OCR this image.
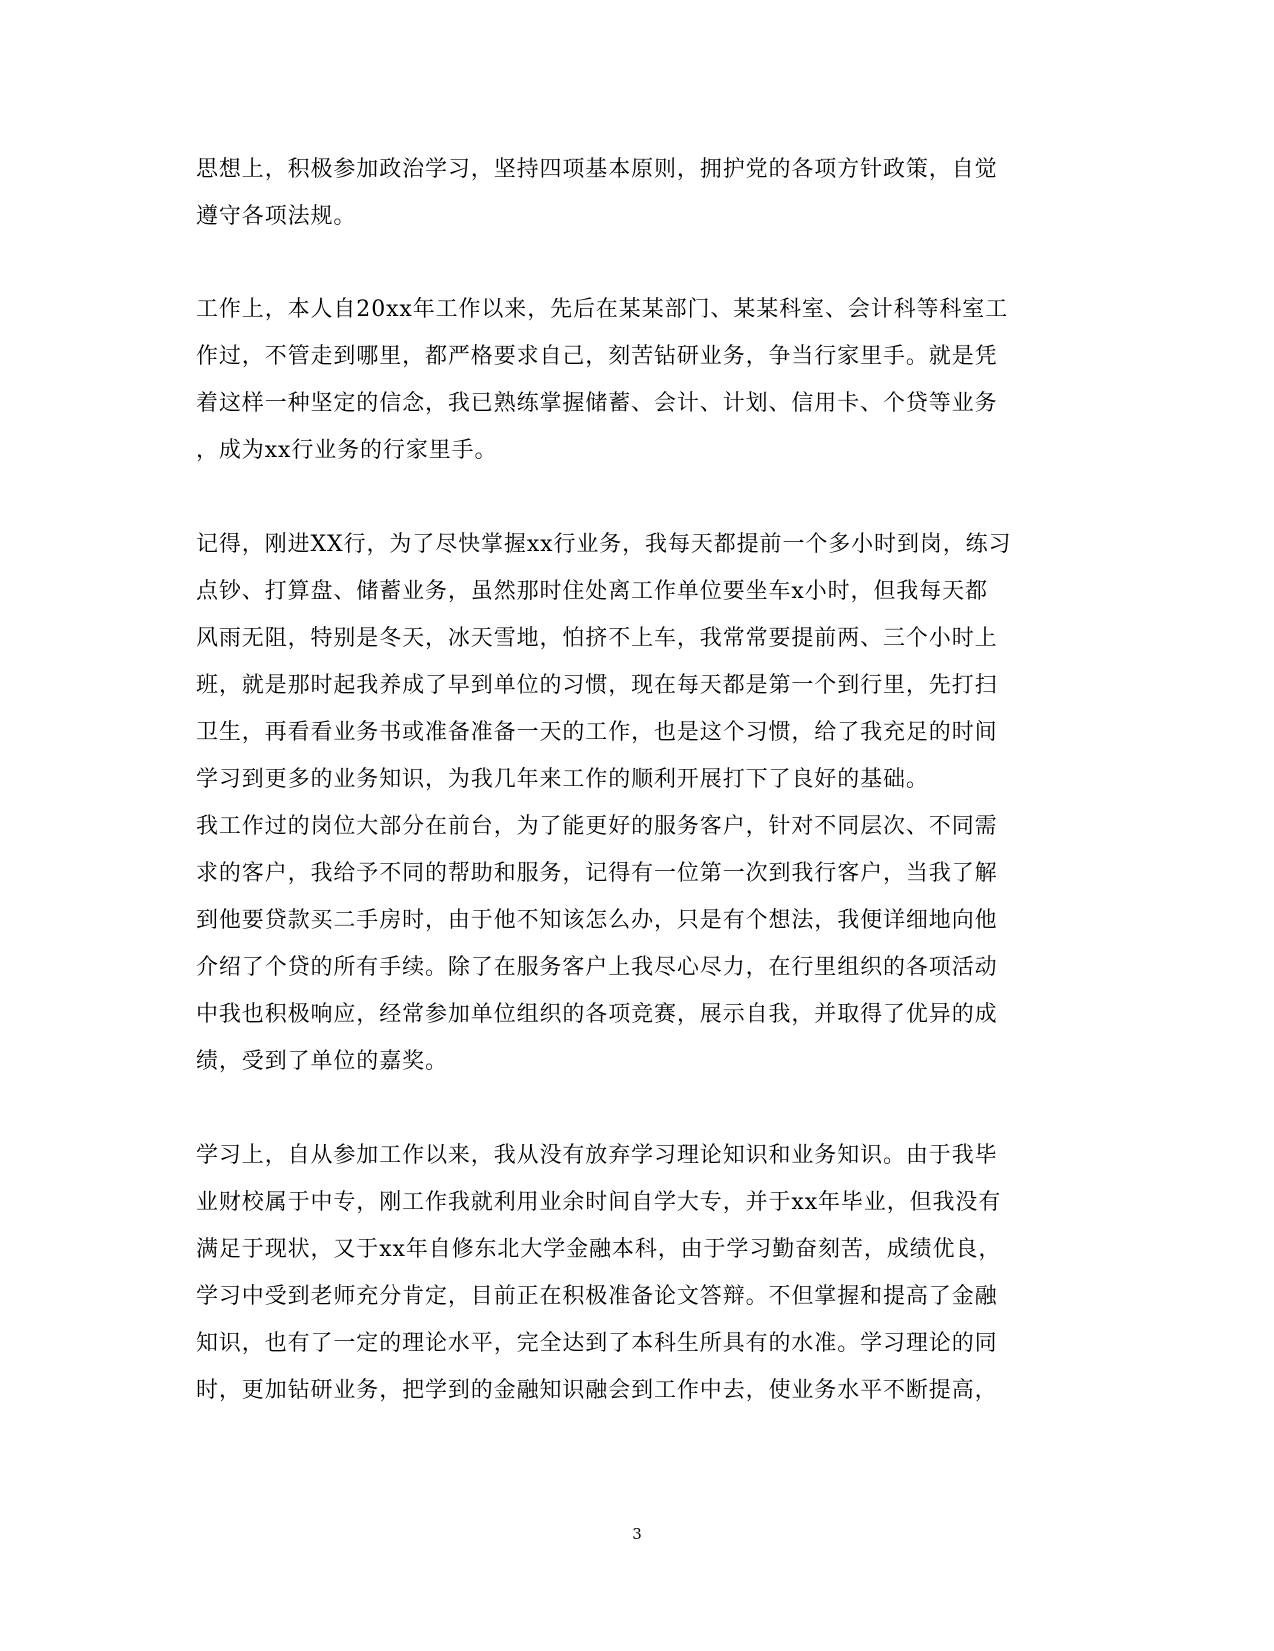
思想上，积极参加政治学习，坚持四项基本原则，拥护党的各项方针政策，自觉
遵守各项法规。
工作上，本人自20xx年工作以来，先后在某某部门、某某科室、会计科等科室工
作过，不管走到哪里，都严格要求自己，刻苦钻研业务，争当行家里手。就是凭
着这样一种坚定的信念，我已熟练掌握储蓄、会计、计划、信用卡、个贷等业务
，成为xx行业务的行家里手。
记得，刚进XX行，为了尽快掌握xx行业务，我每天都提前一个多小时到岗，练习
点钞、打算盘、储蓄业务，虽然那时住处离工作单位要坐车x小时，但我每天都
风雨无阻，特别是冬天，冰天雪地，怕挤不上车，我常常要提前两、三个小时上
班，就是那时起我养成了早到单位的习惯，现在每天都是第一个到行里，先打扫
卫生，再看看业务书或准备准备一天的工作，也是这个习惯，给了我充足的时间
学习到更多的业务知识，为我几年来工作的顺利开展打下了良好的基础。
我工作过的岗位大部分在前台，为了能更好的服务客户，针对不同层次、不同需
求的客户，我给予不同的帮助和服务，记得有一位第一次到我行客户，当我了解
到他要贷款买二手房时，由于他不知该怎么办，只是有个想法，我便详细地向他
介绍了个贷的所有手续。除了在服务客户上我尽心尽力，在行里组织的各项活动
中我也积极响应，经常参加单位组织的各项竞赛，展示自我，并取得了优异的成
绩，受到了单位的嘉奖。
学习上，自从参加工作以来，我从没有放弃学习理论知识和业务知识。由于我毕
业财校属于中专，刚工作我就利用业余时间自学大专，并于xx年毕业，但我没有
满足于现状，又于xx年自修东北大学金融本科，由于学习勤奋刻苦，成绩优良，
学习中受到老师充分肯定，目前正在积极准备论文答辩。不但掌握和提高了金融
知识，也有了一定的理论水平，完全达到了本科生所具有的水准。学习理论的同
时，更加钻研业务，把学到的金融知识融会到工作中去，使业务水平不断提高，
3
